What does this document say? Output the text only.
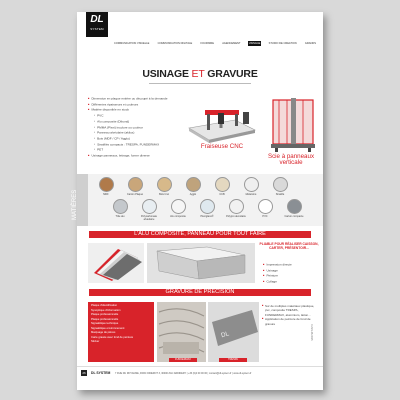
DL
SYSTEM
COMMUNICATION VISUELLE	COMMUNICATION DIGITALE	FOURNIRE	AGENCEMENT	USINAGE	STUDIO DE CREATION	GRANDS
USINAGE ET GRAVURE
■ Dimension en plaque entière ou découpé à la demande
■ Différentes épaisseurs et couleurs
■ Matière disponible en stock
• PVC
• Alu composite (Dibond)
• PMMA (Plexi) incolore ou couleur
• Panneau alvéolaire (akilux)
• Bois (MDF / CP / Agglo)
• Stratifiés compacts : TRESPA, FUNDERMAX
• PET
■ Usinage panneaux, lettrage, forme diverse
Fraiseuse CNC
Scie à panneaux verticale
MATIÈRES	MDF	Carton Plaqué	Bois brut	Agglo	CCB	Mélaminé	Stratifié
Tôle alu	Polycarbonate alvéolaire
Alu composite	Plexiglass®	Polypro alvéolaire	PVC	Carton compacte
L'ALU COMPOSITE, PANNEAU POUR TOUT FAIRE
PLIABLE POUR RÉALISER CAISSON, CARTER, PRÉSENTOIR...
■ Impression directe
■ Usinage
■ Peinture
■ Collage
GRAVURE DE PRÉCISION
Plaque d'identification
Synoptique d'information
Plaque professionnelle
Plaque professionnelle
Signalétique technique
Signalétique environnement
Marquage de pièces
Carte gravée avec fond de peinture
Sticker
FUNDERMAX
DL
TRESPA
■ Sur de multiples matériaux plastique, pvc, composite TRESPA, FUNDERMAX, aluminium, laiton...
■ Application de peinture de fond de gravure
DLSIS-08-0015
26	DL SYSTEM 7 RUE DU ROYAUME, PARC DIDEROT 3, 30000 ZAC ARDIDERY | +33 (0)4 00 00 00 | contact@dl-system.fr | www.dl-system.fr
